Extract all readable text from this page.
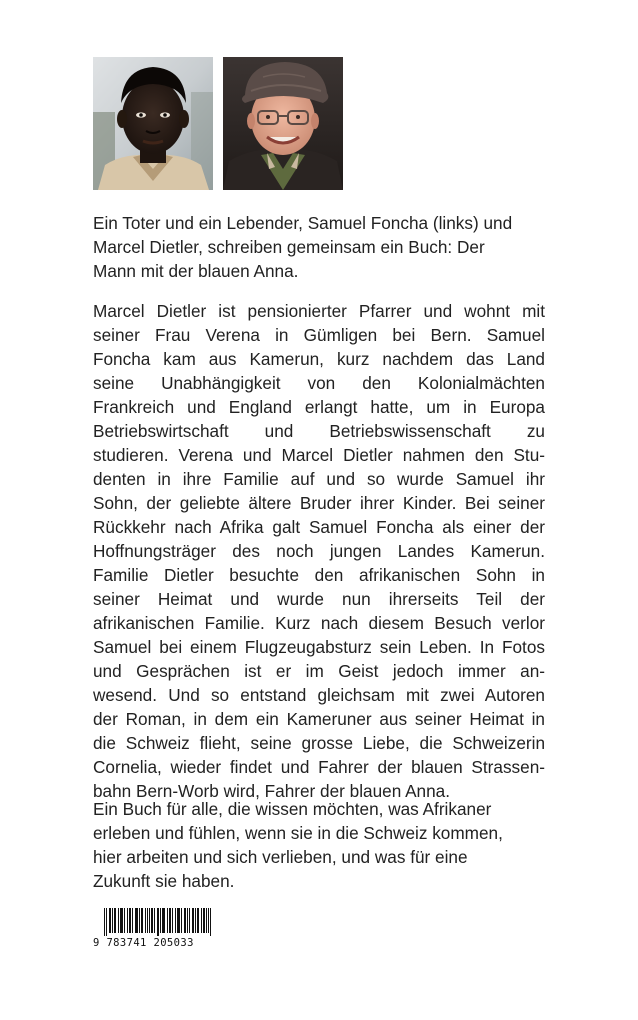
Ein Toter und ein Lebender, Samuel Foncha (links) und
Marcel Dietler, schreiben gemeinsam ein Buch: Der
Mann mit der blauen Anna.
Marcel Dietler ist pensionierter Pfarrer und wohnt mit
seiner Frau Verena in Gümligen bei Bern. Samuel
Foncha kam aus Kamerun, kurz nachdem das Land
seine Unabhängigkeit von den Kolonialmächten
Frankreich und England erlangt hatte, um in Europa
Betriebswirtschaft und Betriebswissenschaft zu
studieren. Verena und Marcel Dietler nahmen den Stu-
denten in ihre Familie auf und so wurde Samuel ihr
Sohn, der geliebte ältere Bruder ihrer Kinder. Bei seiner
Rückkehr nach Afrika galt Samuel Foncha als einer der
Hoffnungsträger des noch jungen Landes Kamerun.
Familie Dietler besuchte den afrikanischen Sohn in
seiner Heimat und wurde nun ihrerseits Teil der
afrikanischen Familie. Kurz nach diesem Besuch verlor
Samuel bei einem Flugzeugabsturz sein Leben. In Fotos
und Gesprächen ist er im Geist jedoch immer an-
wesend. Und so entstand gleichsam mit zwei Autoren
der Roman, in dem ein Kameruner aus seiner Heimat in
die Schweiz flieht, seine grosse Liebe, die Schweizerin
Cornelia, wieder findet und Fahrer der blauen Strassen-
bahn Bern-Worb wird, Fahrer der blauen Anna.
Ein Buch für alle, die wissen möchten, was Afrikaner
erleben und fühlen, wenn sie in die Schweiz kommen,
hier arbeiten und sich verlieben, und was für eine
Zukunft sie haben.
9 783741 205033
